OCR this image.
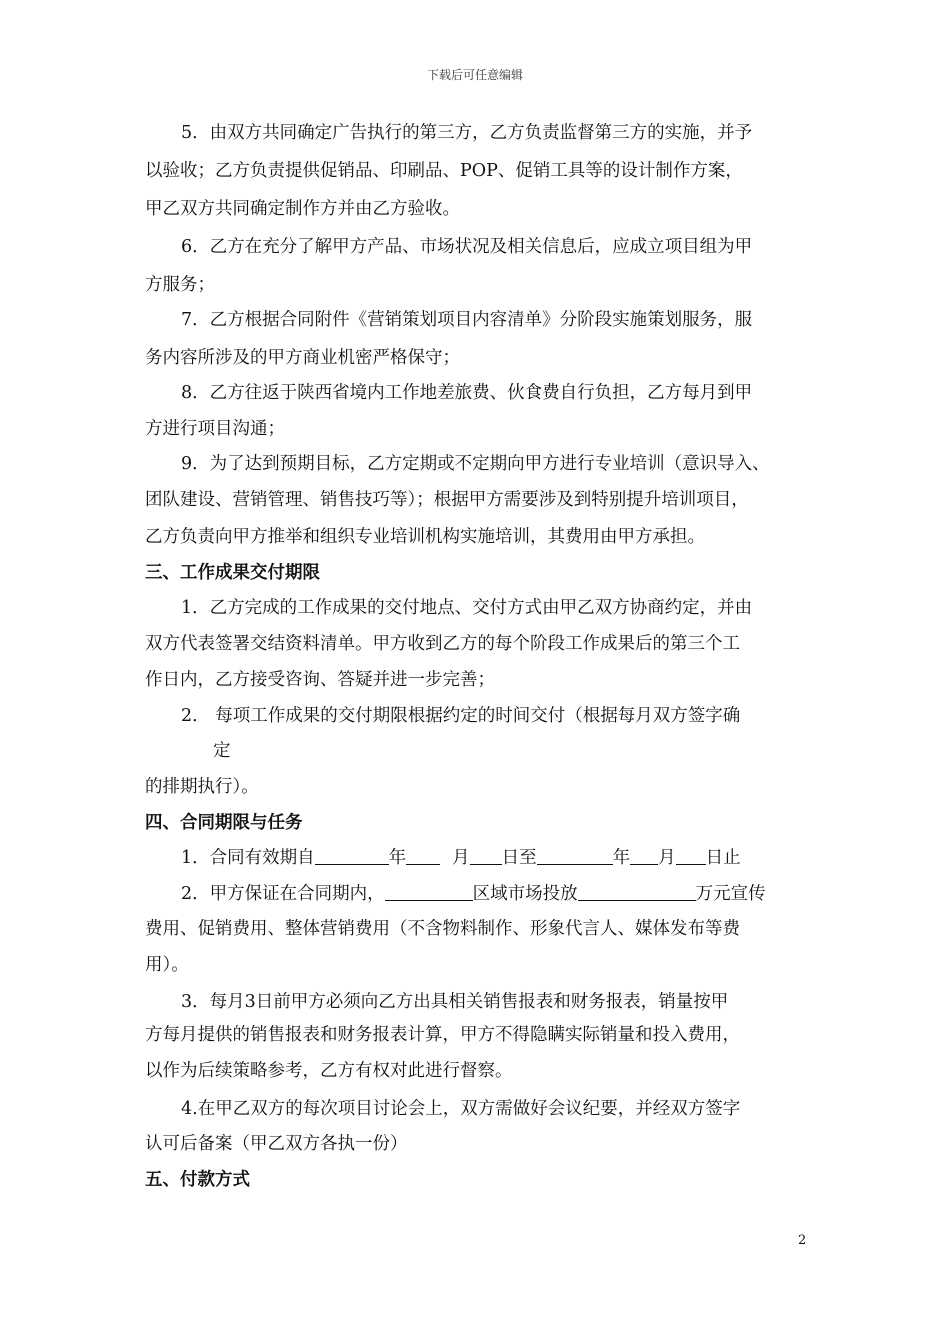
下载后可任意编辑
5．由双方共同确定广告执行的第三方，乙方负责监督第三方的实施，并予
以验收；乙方负责提供促销品、印刷品、POP、促销工具等的设计制作方案，
甲乙双方共同确定制作方并由乙方验收。
6．乙方在充分了解甲方产品、市场状况及相关信息后，应成立项目组为甲
方服务；
7．乙方根据合同附件《营销策划项目内容清单》分阶段实施策划服务，服
务内容所涉及的甲方商业机密严格保守；
8．乙方往返于陕西省境内工作地差旅费、伙食费自行负担，乙方每月到甲
方进行项目沟通；
9．为了达到预期目标，乙方定期或不定期向甲方进行专业培训（意识导入、
团队建设、营销管理、销售技巧等）；根据甲方需要涉及到特别提升培训项目，
乙方负责向甲方推举和组织专业培训机构实施培训，其费用由甲方承担。
三、工作成果交付期限
1．乙方完成的工作成果的交付地点、交付方式由甲乙双方协商约定，并由
双方代表签署交结资料清单。甲方收到乙方的每个阶段工作成果后的第三个工
作日内，乙方接受咨询、答疑并进一步完善；
2． 每项工作成果的交付期限根据约定的时间交付（根据每月双方签字确
定
的排期执行）。
四、合同期限与任务
1．合同有效期自	年	月 日至	年 月 日止
2．甲方保证在合同期内，	区域市场投放	万元宣传
费用、促销费用、整体营销费用（不含物料制作、形象代言人、媒体发布等费
用）。
3．每月3日前甲方必须向乙方出具相关销售报表和财务报表，销量按甲
方每月提供的销售报表和财务报表计算，甲方不得隐瞒实际销量和投入费用，
以作为后续策略参考，乙方有权对此进行督察。
4.在甲乙双方的每次项目讨论会上，双方需做好会议纪要，并经双方签字
认可后备案（甲乙双方各执一份）
五、付款方式
2
